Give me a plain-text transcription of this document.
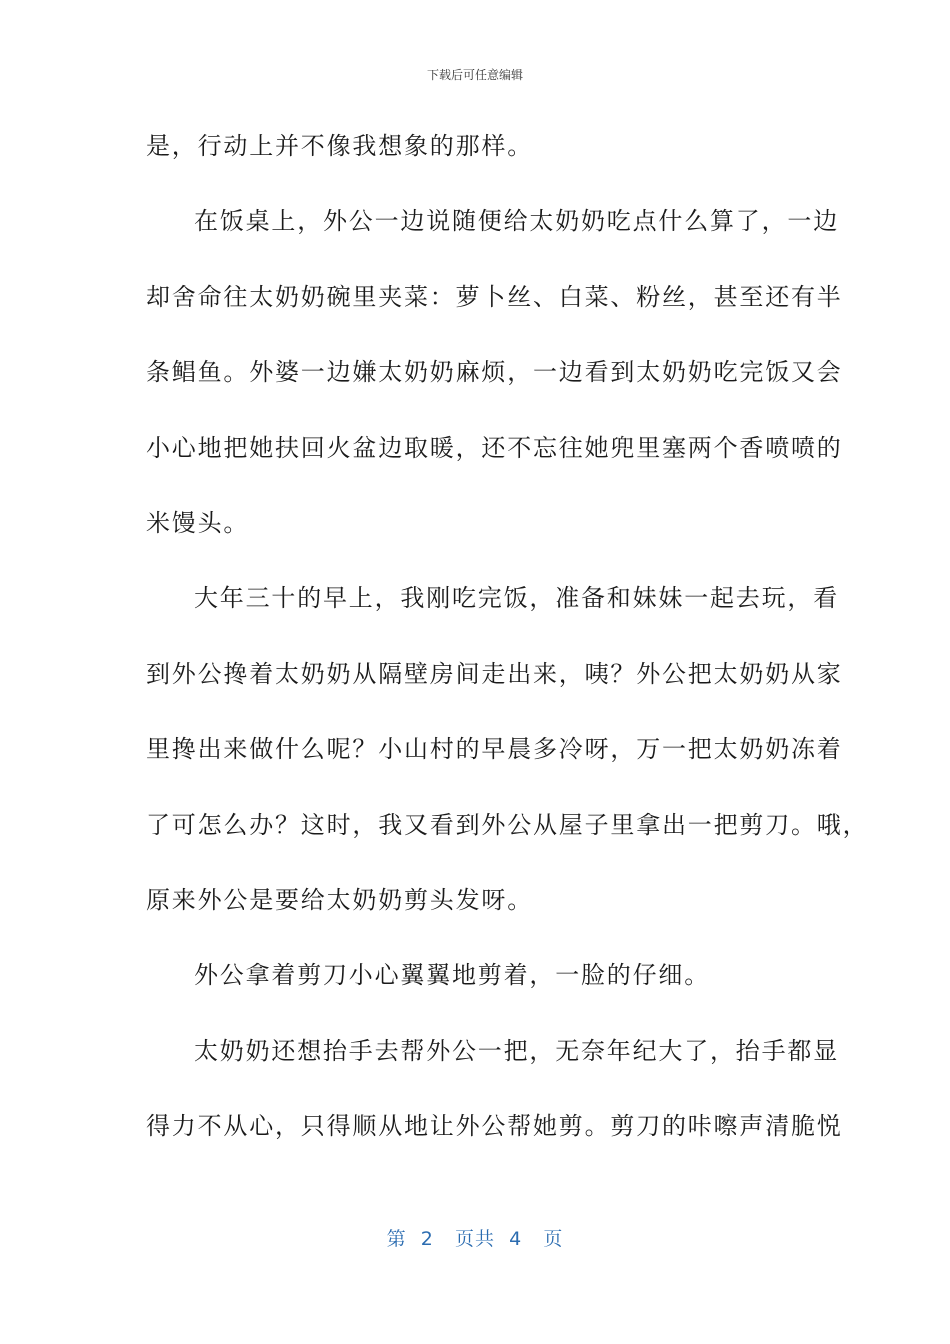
下载后可任意编辑
是，行动上并不像我想象的那样。
在饭桌上，外公一边说随便给太奶奶吃点什么算了，一边
却舍命往太奶奶碗里夹菜：萝卜丝、白菜、粉丝，甚至还有半
条鲳鱼。外婆一边嫌太奶奶麻烦，一边看到太奶奶吃完饭又会
小心地把她扶回火盆边取暖，还不忘往她兜里塞两个香喷喷的
米馒头。
大年三十的早上，我刚吃完饭，准备和妹妹一起去玩，看
到外公搀着太奶奶从隔壁房间走出来，咦？外公把太奶奶从家
里搀出来做什么呢？小山村的早晨多冷呀，万一把太奶奶冻着
了可怎么办？这时，我又看到外公从屋子里拿出一把剪刀。哦，
原来外公是要给太奶奶剪头发呀。
外公拿着剪刀小心翼翼地剪着，一脸的仔细。
太奶奶还想抬手去帮外公一把，无奈年纪大了，抬手都显
得力不从心，只得顺从地让外公帮她剪。剪刀的咔嚓声清脆悦
第 2 页共 4 页
